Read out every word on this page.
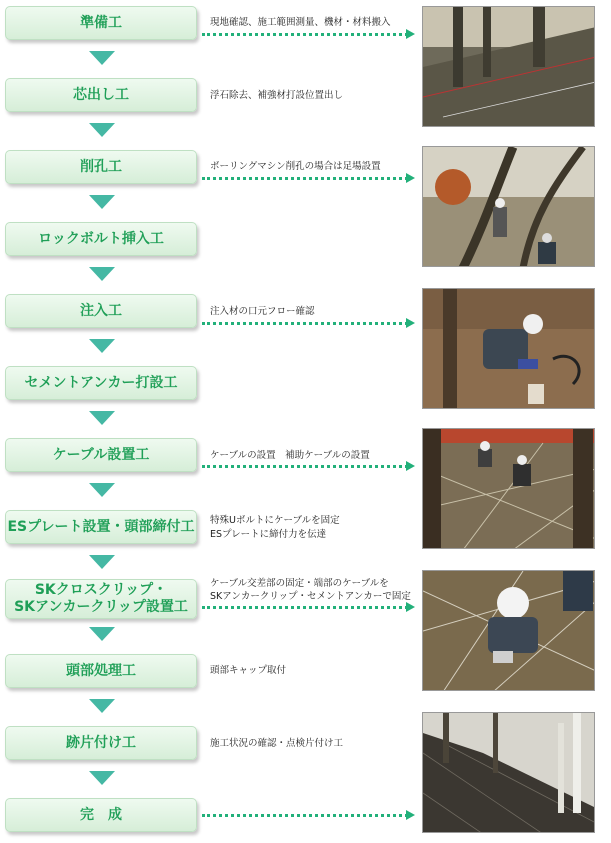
準備工
芯出し工
削孔工
ロックボルト挿入工
注入工
セメントアンカー打設工
ケーブル設置工
ESプレート設置・頭部締付工
SKクロスクリップ・
SKアンカークリップ設置工
頭部処理工
跡片付け工
完　成
現地確認、施工範囲測量、機材・材料搬入
浮石除去、補強材打設位置出し
ボーリングマシン削孔の場合は足場設置
注入材の口元フロー確認
ケーブルの設置　補助ケーブルの設置
特殊Uボルトにケーブルを固定
ESプレートに締付力を伝達
ケーブル交差部の固定・端部のケーブルを
SKアンカークリップ・セメントアンカーで固定
頭部キャップ取付
施工状況の確認・点検片付け工
